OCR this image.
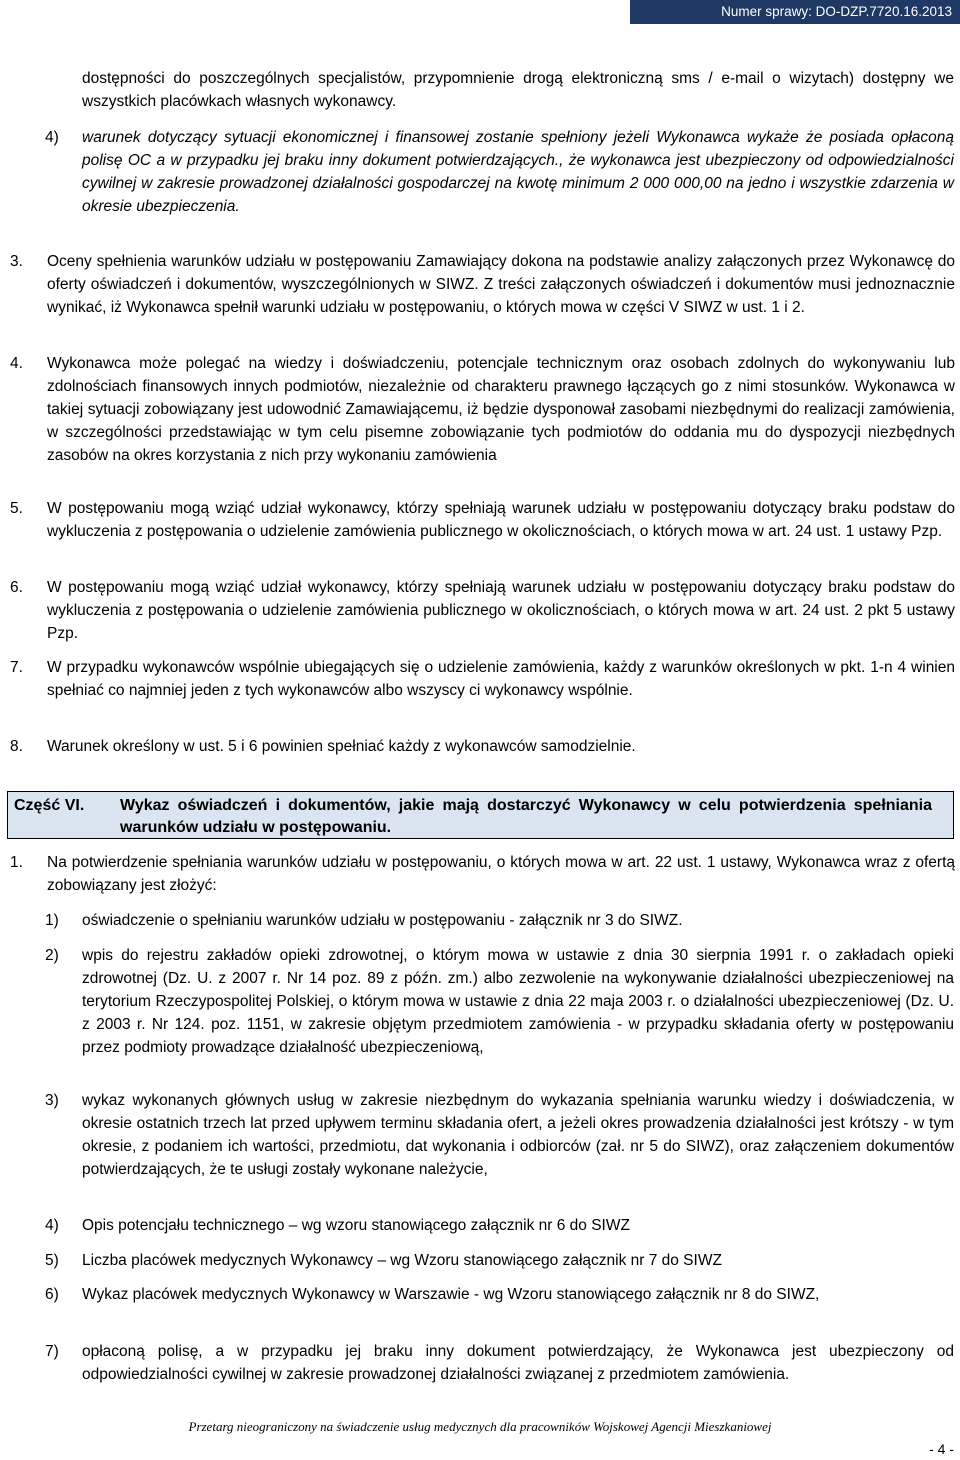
Numer sprawy: DO-DZP.7720.16.2013

dostępności do poszczególnych specjalistów, przypomnienie drogą elektroniczną sms / e-mail o wizytach) dostępny we wszystkich placówkach własnych wykonawcy.

4) warunek dotyczący sytuacji ekonomicznej i finansowej zostanie spełniony jeżeli Wykonawca wykaże że posiada opłaconą polisę OC a w przypadku jej braku inny dokument potwierdzających., że wykonawca jest ubezpieczony od odpowiedzialności cywilnej w zakresie prowadzonej działalności gospodarczej na kwotę minimum 2 000 000,00 na jedno i wszystkie zdarzenia w okresie ubezpieczenia.

3. Oceny spełnienia warunków udziału w postępowaniu Zamawiający dokona na podstawie analizy załączonych przez Wykonawcę do oferty oświadczeń i dokumentów, wyszczególnionych w SIWZ. Z treści załączonych oświadczeń i dokumentów musi jednoznacznie wynikać, iż Wykonawca spełnił warunki udziału w postępowaniu, o których mowa w części V SIWZ w ust. 1 i 2.

4. Wykonawca może polegać na wiedzy i doświadczeniu, potencjale technicznym oraz osobach zdolnych do wykonywaniu lub zdolnościach finansowych innych podmiotów, niezależnie od charakteru prawnego łączących go z nimi stosunków. Wykonawca w takiej sytuacji zobowiązany jest udowodnić Zamawiającemu, iż będzie dysponował zasobami niezbędnymi do realizacji zamówienia, w szczególności przedstawiając w tym celu pisemne zobowiązanie tych podmiotów do oddania mu do dyspozycji niezbędnych zasobów na okres korzystania z nich przy wykonaniu zamówienia

5. W postępowaniu mogą wziąć udział wykonawcy, którzy spełniają warunek udziału w postępowaniu dotyczący braku podstaw do wykluczenia z postępowania o udzielenie zamówienia publicznego w okolicznościach, o których mowa w art. 24 ust. 1 ustawy Pzp.

6. W postępowaniu mogą wziąć udział wykonawcy, którzy spełniają warunek udziału w postępowaniu dotyczący braku podstaw do wykluczenia z postępowania o udzielenie zamówienia publicznego w okolicznościach, o których mowa w art. 24 ust. 2 pkt 5 ustawy Pzp.

7. W przypadku wykonawców wspólnie ubiegających się o udzielenie zamówienia, każdy z warunków określonych w pkt. 1-n 4 winien spełniać co najmniej jeden z tych wykonawców albo wszyscy ci wykonawcy wspólnie.

8. Warunek określony w ust. 5 i 6 powinien spełniać każdy z wykonawców samodzielnie.

Część VI. Wykaz oświadczeń i dokumentów, jakie mają dostarczyć Wykonawcy w celu potwierdzenia spełniania warunków udziału w postępowaniu.
1. Na potwierdzenie spełniania warunków udziału w postępowaniu, o których mowa w art. 22 ust. 1 ustawy, Wykonawca wraz z ofertą zobowiązany jest złożyć:

1) oświadczenie o spełnianiu warunków udziału w postępowaniu - załącznik nr 3 do SIWZ.

2) wpis do rejestru zakładów opieki zdrowotnej, o którym mowa w ustawie z dnia 30 sierpnia 1991 r. o zakładach opieki zdrowotnej (Dz. U. z 2007 r. Nr 14 poz. 89 z późn. zm.) albo zezwolenie na wykonywanie działalności ubezpieczeniowej na terytorium Rzeczypospolitej Polskiej, o którym mowa w ustawie z dnia 22 maja 2003 r. o działalności ubezpieczeniowej (Dz. U. z 2003 r. Nr 124. poz. 1151, w zakresie objętym przedmiotem zamówienia - w przypadku składania oferty w postępowaniu przez podmioty prowadzące działalność ubezpieczeniową,

3) wykaz wykonanych głównych usług w zakresie niezbędnym do wykazania spełniania warunku wiedzy i doświadczenia, w okresie ostatnich trzech lat przed upływem terminu składania ofert, a jeżeli okres prowadzenia działalności jest krótszy - w tym okresie, z podaniem ich wartości, przedmiotu, dat wykonania i odbiorców (zał. nr 5 do SIWZ), oraz załączeniem dokumentów potwierdzających, że te usługi zostały wykonane należycie,

4) Opis potencjału technicznego – wg wzoru stanowiącego załącznik nr 6 do SIWZ

5) Liczba placówek medycznych Wykonawcy – wg Wzoru stanowiącego załącznik nr 7 do SIWZ

6) Wykaz placówek medycznych Wykonawcy w Warszawie - wg Wzoru stanowiącego załącznik nr 8 do SIWZ,

7) opłaconą polisę, a w przypadku jej braku inny dokument potwierdzający, że Wykonawca jest ubezpieczony od odpowiedzialności cywilnej w zakresie prowadzonej działalności związanej z przedmiotem zamówienia.

Przetarg nieograniczony na świadczenie usług medycznych dla pracowników Wojskowej Agencji Mieszkaniowej
- 4 -
